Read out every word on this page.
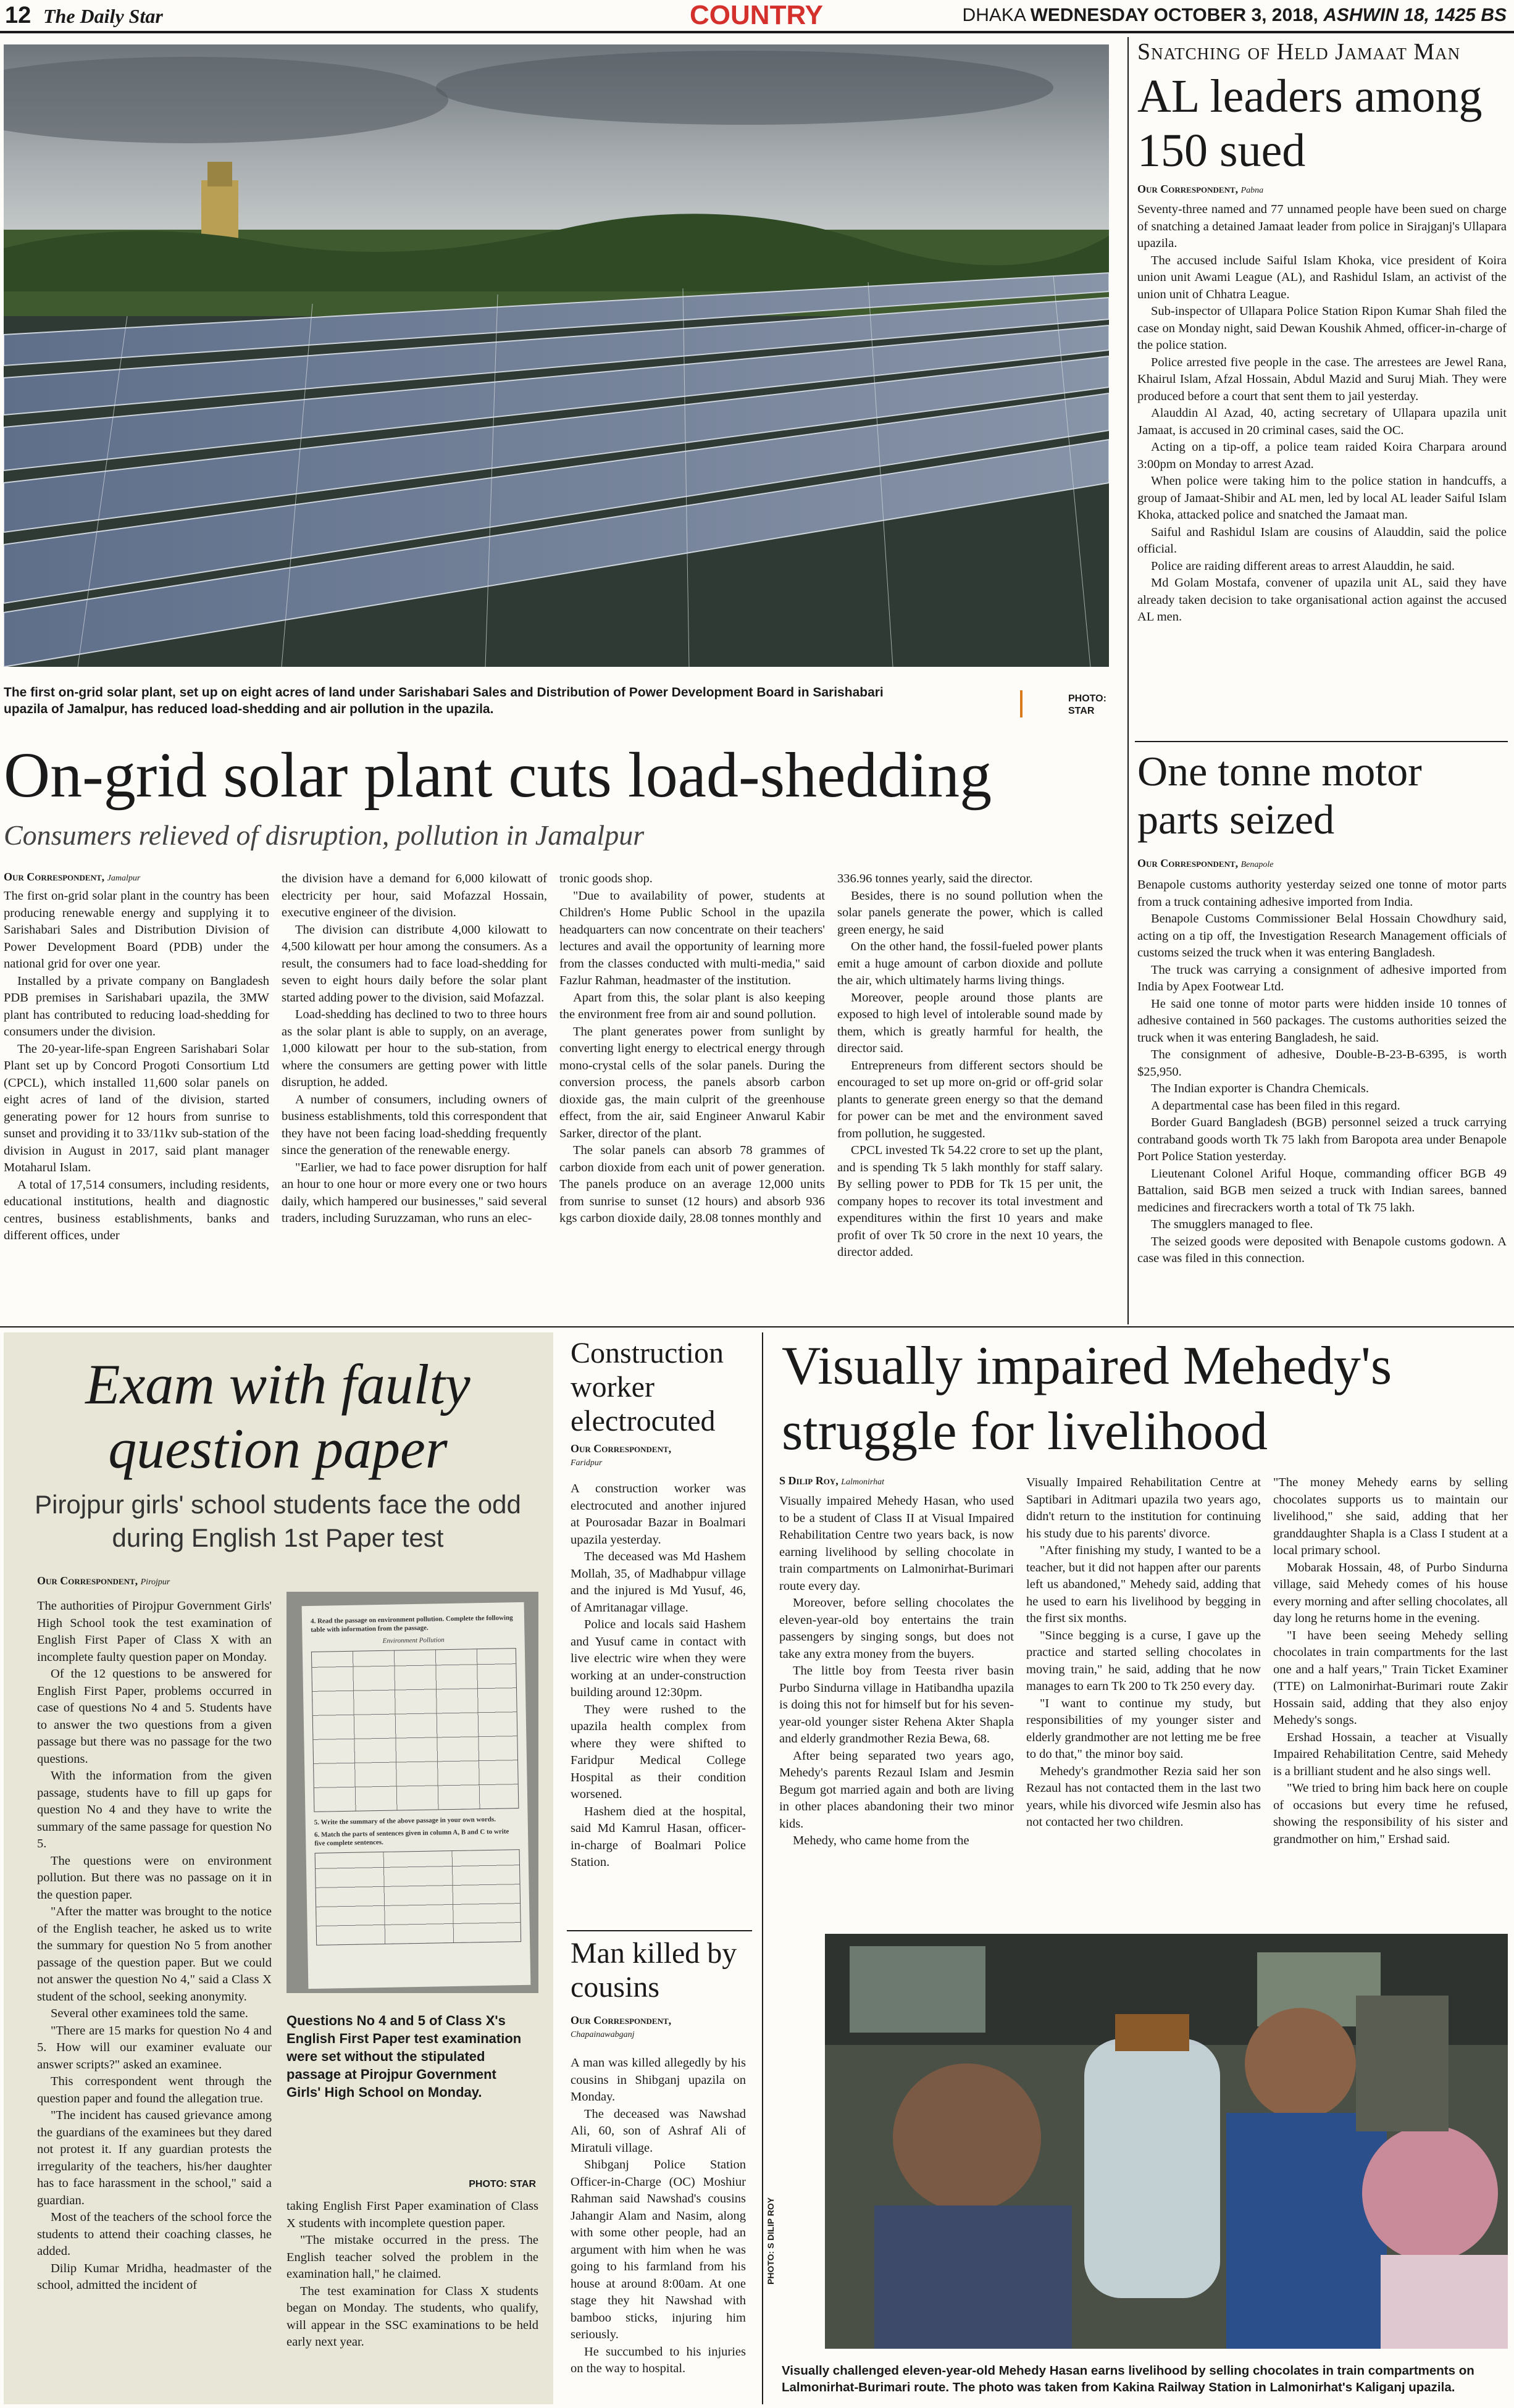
12 The Daily Star	COUNTRY	DHAKA WEDNESDAY OCTOBER 3, 2018, ASHWIN 18, 1425 BS
The first on-grid solar plant, set up on eight acres of land under Sarishabari Sales and Distribution of Power Development Board in Sarishabari upazila of Jamalpur, has reduced load-shedding and air pollution in the upazila.
PHOTO: STAR
On-grid solar plant cuts load-shedding
Consumers relieved of disruption, pollution in Jamalpur
Our Correspondent, Jamalpur

The first on-grid solar plant in the country has been producing renewable energy and supplying it to Sarishabari Sales and Distribution Division of Power Development Board (PDB) under the national grid for over one year.

Installed by a private company on Bangladesh PDB premises in Sarishabari upazila, the 3MW plant has contributed to reducing load-shedding for consumers under the division.

The 20-year-life-span Engreen Sarishabari Solar Plant set up by Concord Progoti Consortium Ltd (CPCL), which installed 11,600 solar panels on eight acres of land of the division, started generating power for 12 hours from sunrise to sunset and providing it to 33/11kv sub-station of the division in August in 2017, said plant manager Motaharul Islam.

A total of 17,514 consumers, including residents, educational institutions, health and diagnostic centres, business establishments, banks and different offices, under

the division have a demand for 6,000 kilowatt of electricity per hour, said Mofazzal Hossain, executive engineer of the division.

The division can distribute 4,000 kilowatt to 4,500 kilowatt per hour among the consumers. As a result, the consumers had to face load-shedding for seven to eight hours daily before the solar plant started adding power to the division, said Mofazzal.

Load-shedding has declined to two to three hours as the solar plant is able to supply, on an average, 1,000 kilowatt per hour to the sub-station, from where the consumers are getting power with little disruption, he added.

A number of consumers, including owners of business establishments, told this correspondent that they have not been facing load-shedding frequently since the generation of the renewable energy.

"Earlier, we had to face power disruption for half an hour to one hour or more every one or two hours daily, which hampered our businesses," said several traders, including Suruzzaman, who runs an elec-

tronic goods shop.

"Due to availability of power, students at Children's Home Public School in the upazila headquarters can now concentrate on their teachers' lectures and avail the opportunity of learning more from the classes conducted with multi-media," said Fazlur Rahman, headmaster of the institution.

Apart from this, the solar plant is also keeping the environment free from air and sound pollution.

The plant generates power from sunlight by converting light energy to electrical energy through mono-crystal cells of the solar panels. During the conversion process, the panels absorb carbon dioxide gas, the main culprit of the greenhouse effect, from the air, said Engineer Anwarul Kabir Sarker, director of the plant.

The solar panels can absorb 78 grammes of carbon dioxide from each unit of power generation. The panels produce on an average 12,000 units from sunrise to sunset (12 hours) and absorb 936 kgs carbon dioxide daily, 28.08 tonnes monthly and

336.96 tonnes yearly, said the director.

Besides, there is no sound pollution when the solar panels generate the power, which is called green energy, he said

On the other hand, the fossil-fueled power plants emit a huge amount of carbon dioxide and pollute the air, which ultimately harms living things.

Moreover, people around those plants are exposed to high level of intolerable sound made by them, which is greatly harmful for health, the director said.

Entrepreneurs from different sectors should be encouraged to set up more on-grid or off-grid solar plants to generate green energy so that the demand for power can be met and the environment saved from pollution, he suggested.

CPCL invested Tk 54.22 crore to set up the plant, and is spending Tk 5 lakh monthly for staff salary. By selling power to PDB for Tk 15 per unit, the company hopes to recover its total investment and expenditures within the first 10 years and make profit of over Tk 50 crore in the next 10 years, the director added.

Snatching of Held Jamaat Man
AL leaders among 150 sued
Our Correspondent, Pabna

Seventy-three named and 77 unnamed people have been sued on charge of snatching a detained Jamaat leader from police in Sirajganj's Ullapara upazila.

The accused include Saiful Islam Khoka, vice president of Koira union unit Awami League (AL), and Rashidul Islam, an activist of the union unit of Chhatra League.

Sub-inspector of Ullapara Police Station Ripon Kumar Shah filed the case on Monday night, said Dewan Koushik Ahmed, officer-in-charge of the police station.

Police arrested five people in the case. The arrestees are Jewel Rana, Khairul Islam, Afzal Hossain, Abdul Mazid and Suruj Miah. They were produced before a court that sent them to jail yesterday.

Alauddin Al Azad, 40, acting secretary of Ullapara upazila unit Jamaat, is accused in 20 criminal cases, said the OC.

Acting on a tip-off, a police team raided Koira Charpara around 3:00pm on Monday to arrest Azad.

When police were taking him to the police station in handcuffs, a group of Jamaat-Shibir and AL men, led by local AL leader Saiful Islam Khoka, attacked police and snatched the Jamaat man.

Saiful and Rashidul Islam are cousins of Alauddin, said the police official.

Police are raiding different areas to arrest Alauddin, he said.

Md Golam Mostafa, convener of upazila unit AL, said they have already taken decision to take organisational action against the accused AL men.

One tonne motor parts seized
Our Correspondent, Benapole

Benapole customs authority yesterday seized one tonne of motor parts from a truck containing adhesive imported from India.

Benapole Customs Commissioner Belal Hossain Chowdhury said, acting on a tip off, the Investigation Research Management officials of customs seized the truck when it was entering Bangladesh.

The truck was carrying a consignment of adhesive imported from India by Apex Footwear Ltd.

He said one tonne of motor parts were hidden inside 10 tonnes of adhesive contained in 560 packages. The customs authorities seized the truck when it was entering Bangladesh, he said.

The consignment of adhesive, Double-B-23-B-6395, is worth $25,950.

The Indian exporter is Chandra Chemicals.

A departmental case has been filed in this regard.

Border Guard Bangladesh (BGB) personnel seized a truck carrying contraband goods worth Tk 75 lakh from Baropota area under Benapole Port Police Station yesterday.

Lieutenant Colonel Ariful Hoque, commanding officer BGB 49 Battalion, said BGB men seized a truck with Indian sarees, banned medicines and firecrackers worth a total of Tk 75 lakh.

The smugglers managed to flee.

The seized goods were deposited with Benapole customs godown. A case was filed in this connection.

Exam with faulty question paper
Pirojpur girls' school students face the odd during English 1st Paper test
Our Correspondent, Pirojpur

The authorities of Pirojpur Government Girls' High School took the test examination of English First Paper of Class X with an incomplete faulty question paper on Monday.

Of the 12 questions to be answered for English First Paper, problems occurred in case of questions No 4 and 5. Students have to answer the two questions from a given passage but there was no passage for the two questions.

With the information from the given passage, students have to fill up gaps for question No 4 and they have to write the summary of the same passage for question No 5.

The questions were on environment pollution. But there was no passage on it in the question paper.

"After the matter was brought to the notice of the English teacher, he asked us to write the summary for question No 5 from another passage of the question paper. But we could not answer the question No 4," said a Class X student of the school, seeking anonymity.

Several other examinees told the same.

"There are 15 marks for question No 4 and 5. How will our examiner evaluate our answer scripts?" asked an examinee.

This correspondent went through the question paper and found the allegation true.

"The incident has caused grievance among the guardians of the examinees but they dared not protest it. If any guardian protests the irregularity of the teachers, his/her daughter has to face harassment in the school," said a guardian.

Most of the teachers of the school force the students to attend their coaching classes, he added.

Dilip Kumar Mridha, headmaster of the school, admitted the incident of

4. Read the passage on environment pollution. Complete the following table with information from the passage.
Environment Pollution
5. Write the summary of the above passage in your own words.
6. Match the parts of sentences given in column A, B and C to write five complete sentences.
Questions No 4 and 5 of Class X's English First Paper test examination were set without the stipulated passage at Pirojpur Government Girls' High School on Monday.
PHOTO: STAR

taking English First Paper examination of Class X students with incomplete question paper.

"The mistake occurred in the press. The English teacher solved the problem in the examination hall," he claimed.

The test examination for Class X students began on Monday. The students, who qualify, will appear in the SSC examinations to be held early next year.

Construction worker electrocuted
Our Correspondent,
Faridpur

A construction worker was electrocuted and another injured at Pourosadar Bazar in Boalmari upazila yesterday.

The deceased was Md Hashem Mollah, 35, of Madhabpur village and the injured is Md Yusuf, 46, of Amritanagar village.

Police and locals said Hashem and Yusuf came in contact with live electric wire when they were working at an under-construction building around 12:30pm.

They were rushed to the upazila health complex from where they were shifted to Faridpur Medical College Hospital as their condition worsened.

Hashem died at the hospital, said Md Kamrul Hasan, officer-in-charge of Boalmari Police Station.

Man killed by cousins
Our Correspondent,
Chapainawabganj

A man was killed allegedly by his cousins in Shibganj upazila on Monday.

The deceased was Nawshad Ali, 60, son of Ashraf Ali of Miratuli village.

Shibganj Police Station Officer-in-Charge (OC) Moshiur Rahman said Nawshad's cousins Jahangir Alam and Nasim, along with some other people, had an argument with him when he was going to his farmland from his house at around 8:00am. At one stage they hit Nawshad with bamboo sticks, injuring him seriously.

He succumbed to his injuries on the way to hospital.

Visually impaired Mehedy's struggle for livelihood
S Dilip Roy, Lalmonirhat

Visually impaired Mehedy Hasan, who used to be a student of Class II at Visual Impaired Rehabilitation Centre two years back, is now earning livelihood by selling chocolate in train compartments on Lalmonirhat-Burimari route every day.

Moreover, before selling chocolates the eleven-year-old boy entertains the train passengers by singing songs, but does not take any extra money from the buyers.

The little boy from Teesta river basin Purbo Sindurna village in Hatibandha upazila is doing this not for himself but for his seven-year-old younger sister Rehena Akter Shapla and elderly grandmother Rezia Bewa, 68.

After being separated two years ago, Mehedy's parents Rezaul Islam and Jesmin Begum got married again and both are living in other places abandoning their two minor kids.

Mehedy, who came home from the

Visually Impaired Rehabilitation Centre at Saptibari in Aditmari upazila two years ago, didn't return to the institution for continuing his study due to his parents' divorce.

"After finishing my study, I wanted to be a teacher, but it did not happen after our parents left us abandoned," Mehedy said, adding that he used to earn his livelihood by begging in the first six months.

"Since begging is a curse, I gave up the practice and started selling chocolates in moving train," he said, adding that he now manages to earn Tk 200 to Tk 250 every day.

"I want to continue my study, but responsibilities of my younger sister and elderly grandmother are not letting me be free to do that," the minor boy said.

Mehedy's grandmother Rezia said her son Rezaul has not contacted them in the last two years, while his divorced wife Jesmin also has not contacted her two children.

"The money Mehedy earns by selling chocolates supports us to maintain our livelihood," she said, adding that her granddaughter Shapla is a Class I student at a local primary school.

Mobarak Hossain, 48, of Purbo Sindurna village, said Mehedy comes of his house every morning and after selling chocolates, all day long he returns home in the evening.

"I have been seeing Mehedy selling chocolates in train compartments for the last one and a half years," Train Ticket Examiner (TTE) on Lalmonirhat-Burimari route Zakir Hossain said, adding that they also enjoy Mehedy's songs.

Ershad Hossain, a teacher at Visually Impaired Rehabilitation Centre, said Mehedy is a brilliant student and he also sings well.

"We tried to bring him back here on couple of occasions but every time he refused, showing the responsibility of his sister and grandmother on him," Ershad said.

PHOTO: S DILIP ROY
Visually challenged eleven-year-old Mehedy Hasan earns livelihood by selling chocolates in train compartments on Lalmonirhat-Burimari route. The photo was taken from Kakina Railway Station in Lalmonirhat's Kaliganj upazila.
